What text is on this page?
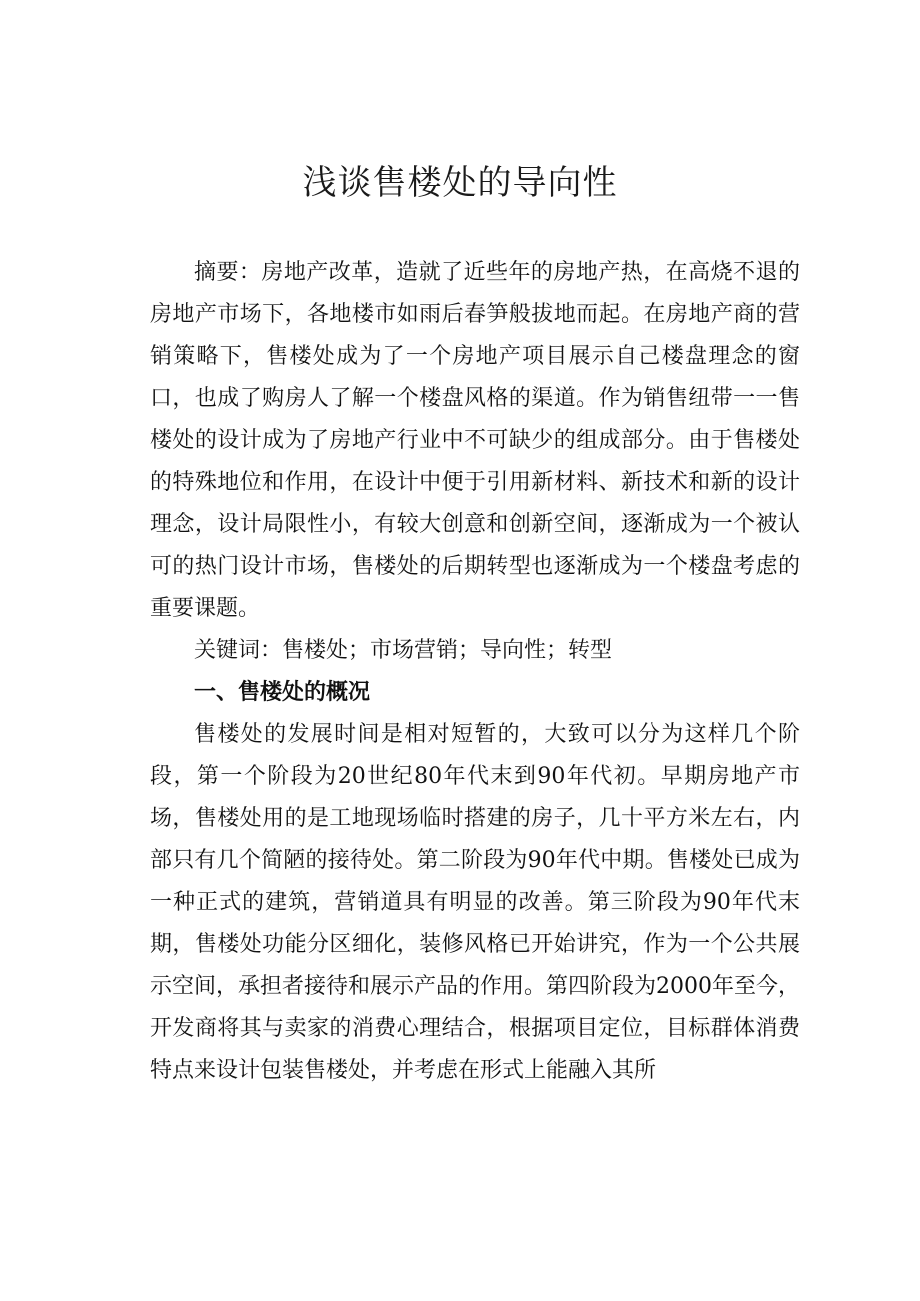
浅谈售楼处的导向性

摘要：房地产改革，造就了近些年的房地产热，在高烧不退的房地产市场下，各地楼市如雨后春笋般拔地而起。在房地产商的营销策略下，售楼处成为了一个房地产项目展示自己楼盘理念的窗口，也成了购房人了解一个楼盘风格的渠道。作为销售纽带一一售楼处的设计成为了房地产行业中不可缺少的组成部分。由于售楼处的特殊地位和作用，在设计中便于引用新材料、新技术和新的设计理念，设计局限性小，有较大创意和创新空间，逐渐成为一个被认可的热门设计市场，售楼处的后期转型也逐渐成为一个楼盘考虑的重要课题。

关键词：售楼处；市场营销；导向性；转型

一、售楼处的概况

售楼处的发展时间是相对短暂的，大致可以分为这样几个阶段，第一个阶段为20世纪80年代末到90年代初。早期房地产市场，售楼处用的是工地现场临时搭建的房子，几十平方米左右，内部只有几个简陋的接待处。第二阶段为90年代中期。售楼处已成为一种正式的建筑，营销道具有明显的改善。第三阶段为90年代末期，售楼处功能分区细化，装修风格已开始讲究，作为一个公共展示空间，承担者接待和展示产品的作用。第四阶段为2000年至今，开发商将其与卖家的消费心理结合，根据项目定位，目标群体消费特点来设计包装售楼处，并考虑在形式上能融入其所
